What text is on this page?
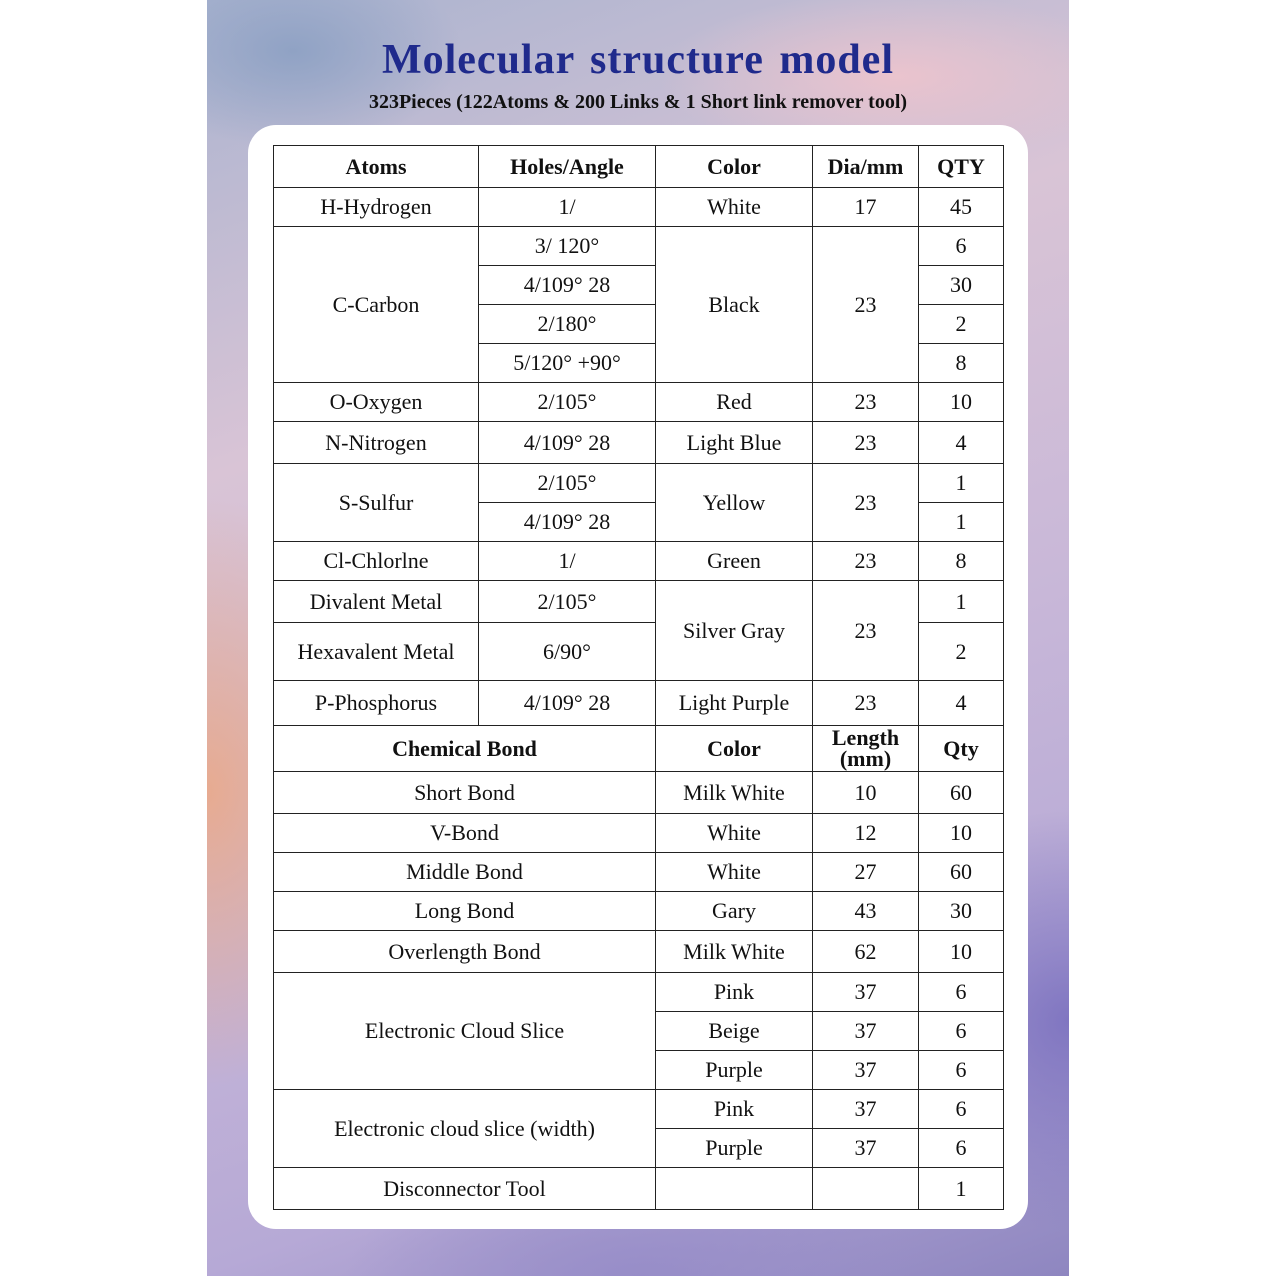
Molecular structure model
323Pieces (122Atoms & 200 Links & 1 Short link remover tool)
Atoms	Holes/Angle	Color	Dia/mm	QTY
H-Hydrogen	1/	White	17	45
C-Carbon	3/ 120°	Black	23	6
	4/109° 28			30
	2/180°			2
	5/120° +90°			8
O-Oxygen	2/105°	Red	23	10
N-Nitrogen	4/109° 28	Light Blue	23	4
S-Sulfur	2/105°	Yellow	23	1
	4/109° 28			1
Cl-Chlorlne	1/	Green	23	8
Divalent Metal	2/105°	Silver Gray	23	1
Hexavalent Metal	6/90°			2
P-Phosphorus	4/109° 28	Light Purple	23	4
Chemical Bond		Color	Length (mm)	Qty
Short Bond		Milk White	10	60
V-Bond		White	12	10
Middle Bond		White	27	60
Long Bond		Gary	43	30
Overlength Bond		Milk White	62	10
Electronic Cloud Slice		Pink	37	6
		Beige	37	6
		Purple	37	6
Electronic cloud slice (width)		Pink	37	6
		Purple	37	6
Disconnector Tool				1
